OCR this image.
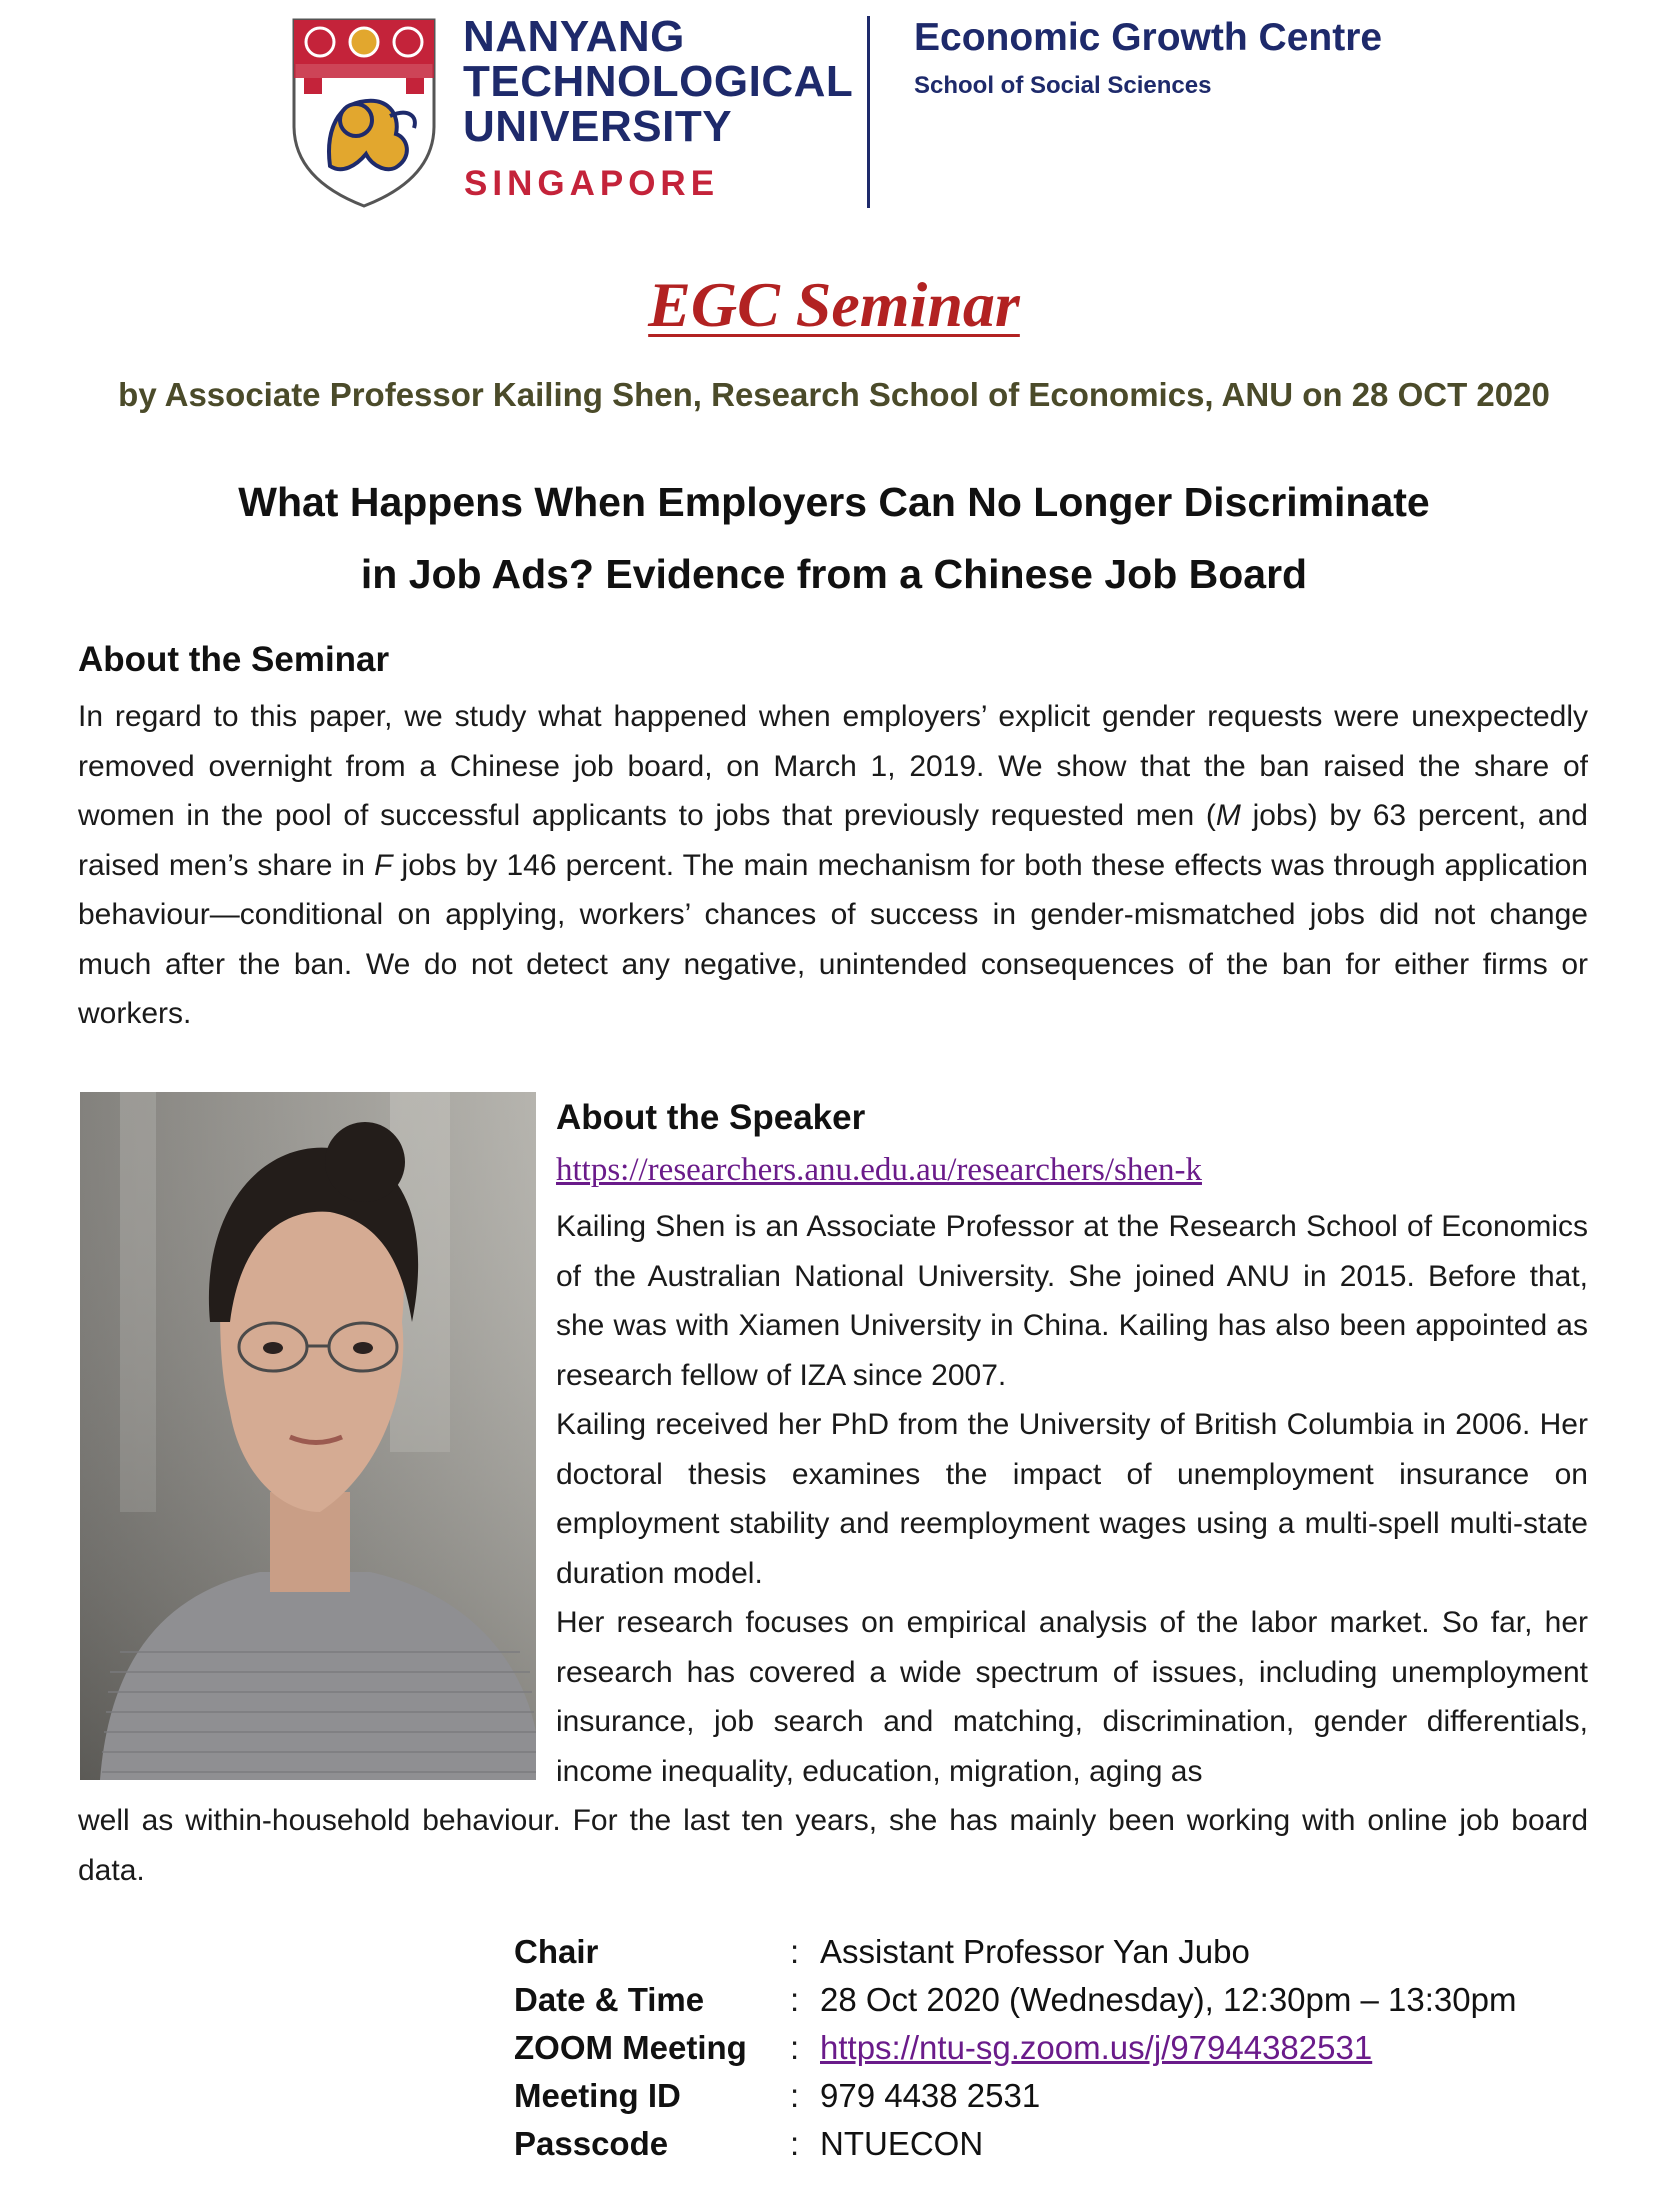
NANYANG
TECHNOLOGICAL
UNIVERSITY
SINGAPORE
Economic Growth Centre
School of Social Sciences
EGC Seminar
by Associate Professor Kailing Shen, Research School of Economics, ANU on 28 OCT 2020
What Happens When Employers Can No Longer Discriminate
in Job Ads? Evidence from a Chinese Job Board
About the Seminar
In regard to this paper, we study what happened when employers’ explicit gender requests were unexpectedly removed overnight from a Chinese job board, on March 1, 2019. We show that the ban raised the share of women in the pool of successful applicants to jobs that previously requested men (M jobs) by 63 percent, and raised men’s share in F jobs by 146 percent. The main mechanism for both these effects was through application behaviour—conditional on applying, workers’ chances of success in gender-mismatched jobs did not change much after the ban. We do not detect any negative, unintended consequences of the ban for either firms or workers.
About the Speaker
https://researchers.anu.edu.au/researchers/shen-k

Kailing Shen is an Associate Professor at the Research School of Economics of the Australian National University. She joined ANU in 2015. Before that, she was with Xiamen University in China. Kailing has also been appointed as research fellow of IZA since 2007.

Kailing received her PhD from the University of British Columbia in 2006. Her doctoral thesis examines the impact of unemployment insurance on employment stability and reemployment wages using a multi-spell multi-state duration model.

Her research focuses on empirical analysis of the labor market. So far, her research has covered a wide spectrum of issues, including unemployment insurance, job search and matching, discrimination, gender differentials, income inequality, education, migration, aging as

well as within-household behaviour. For the last ten years, she has mainly been working with online job board data.
Chair	: Assistant Professor Yan Jubo
Date & Time	: 28 Oct 2020 (Wednesday), 12:30pm – 13:30pm
ZOOM Meeting	: https://ntu-sg.zoom.us/j/97944382531
Meeting ID	: 979 4438 2531
Passcode	: NTUECON
